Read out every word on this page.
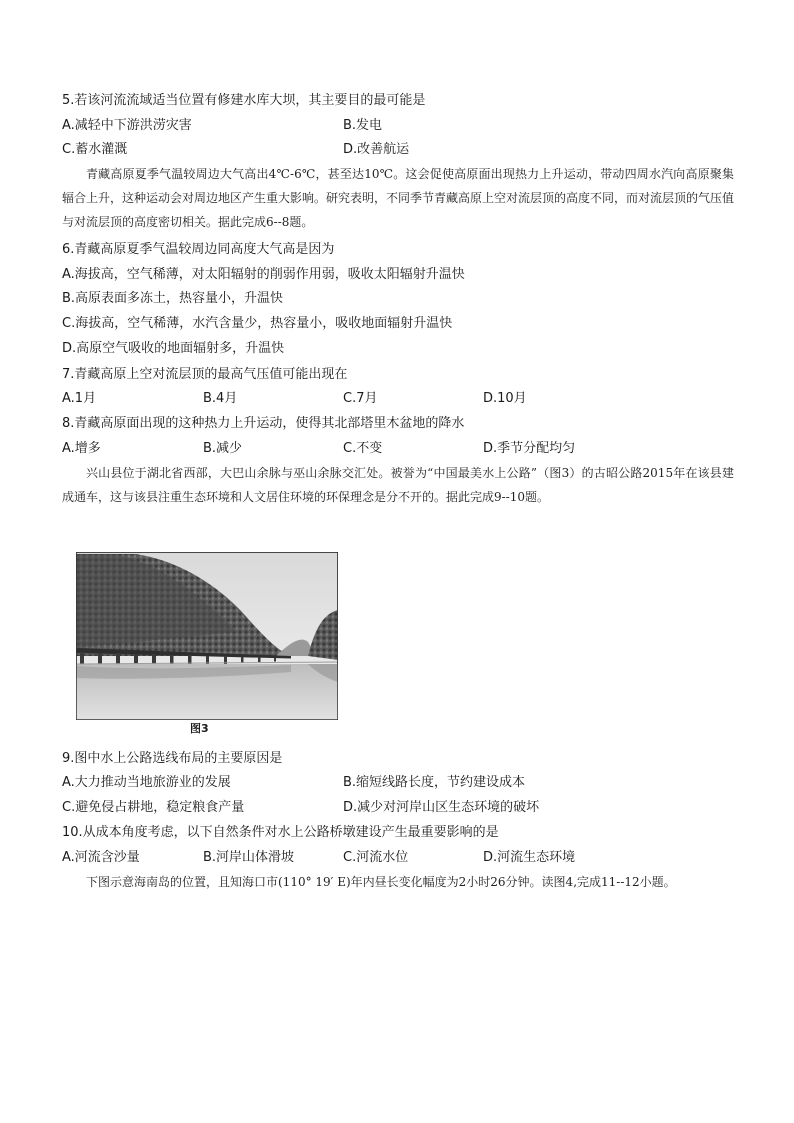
5.若该河流流域适当位置有修建水库大坝，其主要目的最可能是
A.减轻中下游洪涝灾害	B.发电
C.蓄水灌溉	D.改善航运
青藏高原夏季气温较周边大气高出4℃-6℃，甚至达10℃。这会促使高原面出现热力上升运动，带动四周水汽向高原聚集辐合上升，这种运动会对周边地区产生重大影响。研究表明，不同季节青藏高原上空对流层顶的高度不同，而对流层顶的气压值与对流层顶的高度密切相关。据此完成6--8题。
6.青藏高原夏季气温较周边同高度大气高是因为
A.海拔高，空气稀薄，对太阳辐射的削弱作用弱，吸收太阳辐射升温快
B.高原表面多冻土，热容量小，升温快
C.海拔高，空气稀薄，水汽含量少，热容量小，吸收地面辐射升温快
D.高原空气吸收的地面辐射多，升温快
7.青藏高原上空对流层顶的最高气压值可能出现在
A.1月	B.4月	C.7月	D.10月
8.青藏高原面出现的这种热力上升运动，使得其北部塔里木盆地的降水
A.增多	B.减少	C.不变	D.季节分配均匀
兴山县位于湖北省西部，大巴山余脉与巫山余脉交汇处。被誉为“中国最美水上公路”（图3）的古昭公路2015年在该县建成通车，这与该县注重生态环境和人文居住环境的环保理念是分不开的。据此完成9--10题。
图3
9.图中水上公路选线布局的主要原因是
A.大力推动当地旅游业的发展	B.缩短线路长度，节约建设成本
C.避免侵占耕地，稳定粮食产量	D.减少对河岸山区生态环境的破坏
10.从成本角度考虑，以下自然条件对水上公路桥墩建设产生最重要影响的是
A.河流含沙量	B.河岸山体滑坡	C.河流水位	D.河流生态环境
下图示意海南岛的位置，且知海口市(110° 19′ E)年内昼长变化幅度为2小时26分钟。读图4,完成11--12小题。
